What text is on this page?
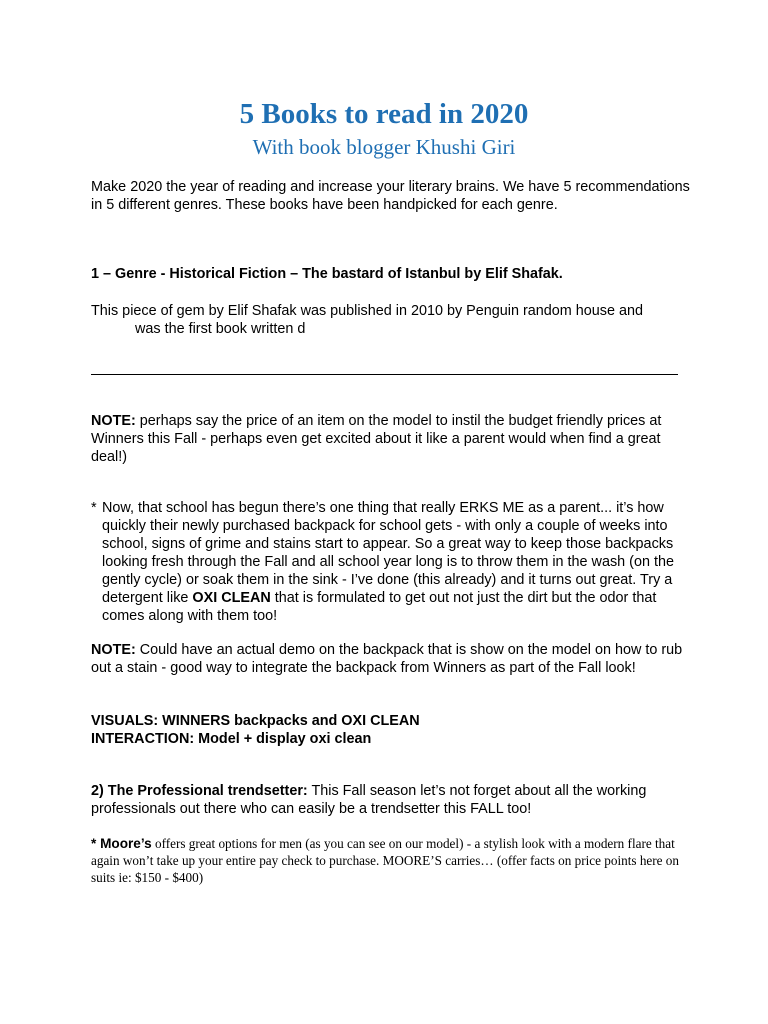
5 Books to read in 2020
With book blogger Khushi Giri
Make 2020 the year of reading and increase your literary brains. We have 5 recommendations in 5 different genres. These books have been handpicked for each genre.
1 – Genre - Historical Fiction – The bastard of Istanbul by Elif Shafak.
This piece of gem by Elif Shafak was published in 2010 by Penguin random house and
was the first book written d
NOTE: perhaps say the price of an item on the model to instil the budget friendly prices at Winners this Fall - perhaps even get excited about it like a parent would when find a great deal!)
* Now, that school has begun there’s one thing that really ERKS ME as a parent... it’s how quickly their newly purchased backpack for school gets - with only a couple of weeks into school, signs of grime and stains start to appear. So a great way to keep those backpacks looking fresh through the Fall and all school year long is to throw them in the wash (on the gently cycle) or soak them in the sink - I’ve done (this already) and it turns out great. Try a detergent like OXI CLEAN that is formulated to get out not just the dirt but the odor that comes along with them too!
NOTE: Could have an actual demo on the backpack that is show on the model on how to rub out a stain - good way to integrate the backpack from Winners as part of the Fall look!
VISUALS: WINNERS backpacks and OXI CLEAN
INTERACTION: Model + display oxi clean
2) The Professional trendsetter: This Fall season let’s not forget about all the working professionals out there who can easily be a trendsetter this FALL too!
* Moore’s offers great options for men (as you can see on our model) - a stylish look with a modern flare that again won’t take up your entire pay check to purchase. MOORE’S carries… (offer facts on price points here on suits ie: $150 - $400)
